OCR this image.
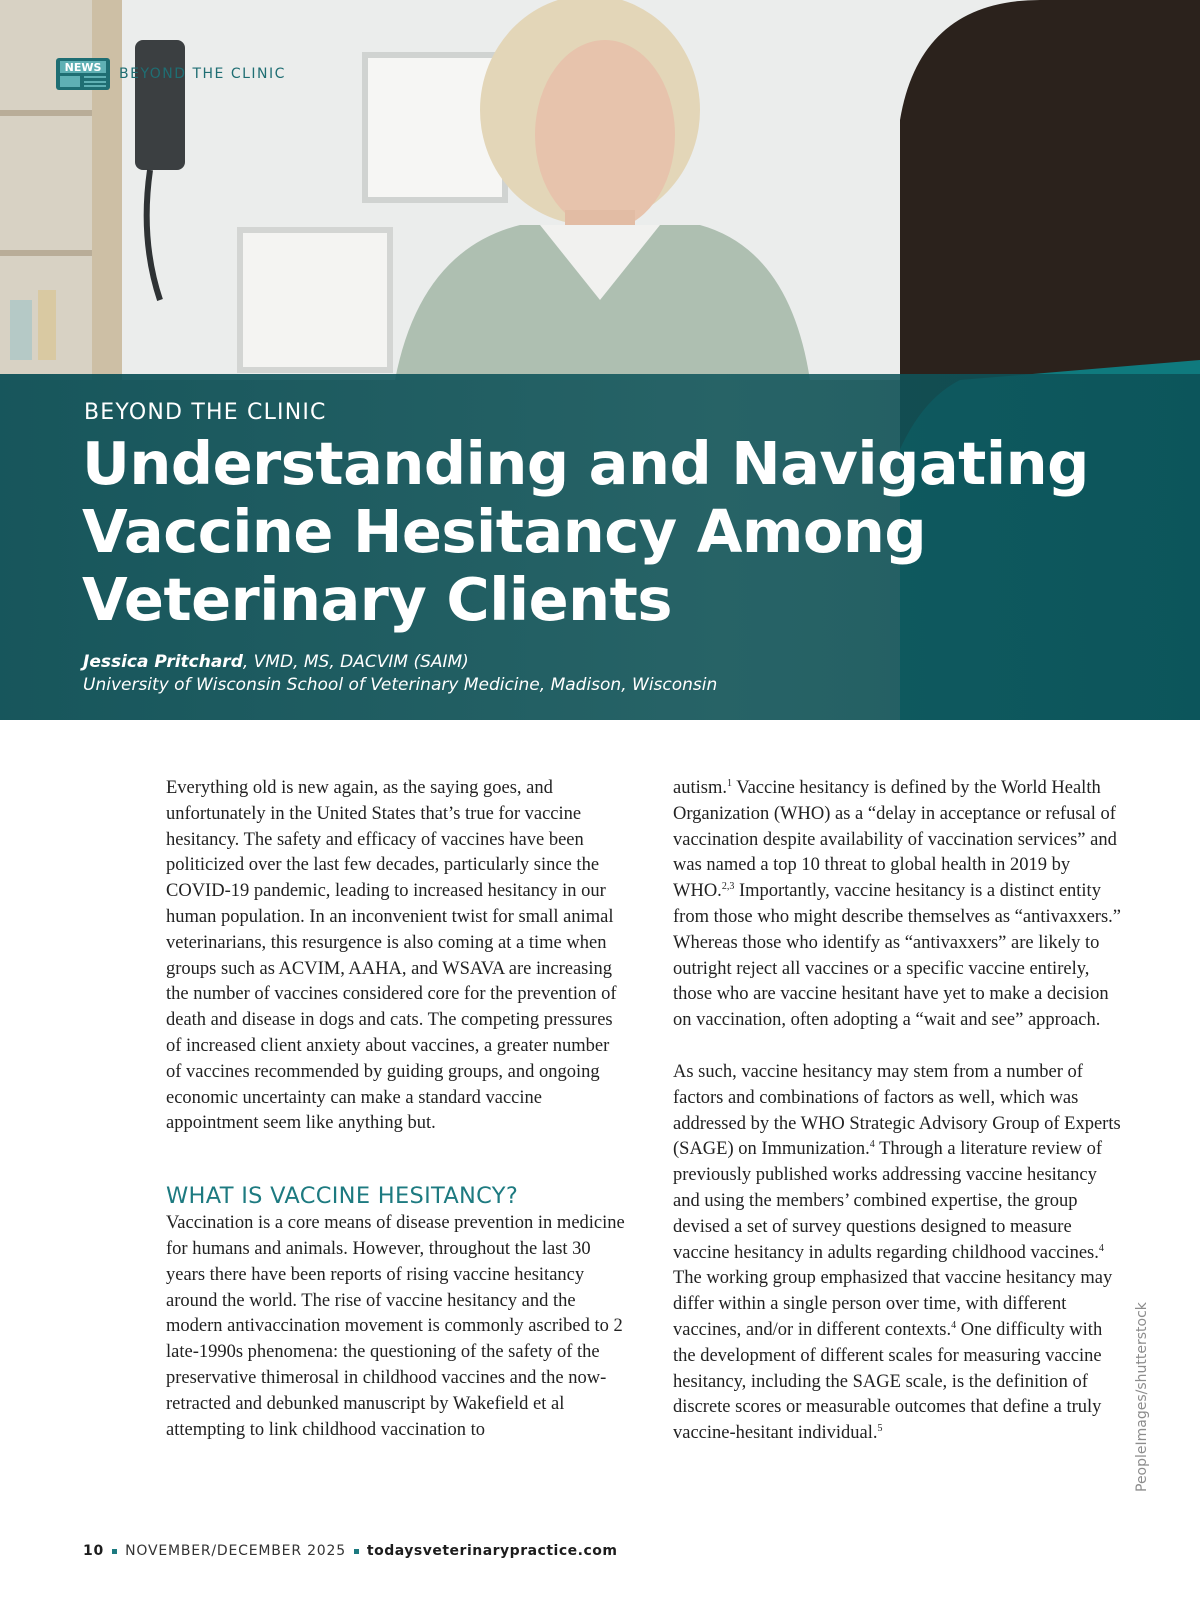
NEWS BEYOND THE CLINIC
BEYOND THE CLINIC
Understanding and Navigating Vaccine Hesitancy Among Veterinary Clients
Jessica Pritchard, VMD, MS, DACVIM (SAIM)
University of Wisconsin School of Veterinary Medicine, Madison, Wisconsin

Everything old is new again, as the saying goes, and unfortunately in the United States that’s true for vaccine hesitancy. The safety and efficacy of vaccines have been politicized over the last few decades, particularly since the COVID-19 pandemic, leading to increased hesitancy in our human population. In an inconvenient twist for small animal veterinarians, this resurgence is also coming at a time when groups such as ACVIM, AAHA, and WSAVA are increasing the number of vaccines considered core for the prevention of death and disease in dogs and cats. The competing pressures of increased client anxiety about vaccines, a greater number of vaccines recommended by guiding groups, and ongoing economic uncertainty can make a standard vaccine appointment seem like anything but.

WHAT IS VACCINE HESITANCY?

Vaccination is a core means of disease prevention in medicine for humans and animals. However, throughout the last 30 years there have been reports of rising vaccine hesitancy around the world. The rise of vaccine hesitancy and the modern antivaccination movement is commonly ascribed to 2 late-1990s phenomena: the questioning of the safety of the preservative thimerosal in childhood vaccines and the now-retracted and debunked manuscript by Wakefield et al attempting to link childhood vaccination to

autism.$^1$ Vaccine hesitancy is defined by the World Health Organization (WHO) as a “delay in acceptance or refusal of vaccination despite availability of vaccination services” and was named a top 10 threat to global health in 2019 by WHO.$^{2,3}$ Importantly, vaccine hesitancy is a distinct entity from those who might describe themselves as “antivaxxers.” Whereas those who identify as “antivaxxers” are likely to outright reject all vaccines or a specific vaccine entirely, those who are vaccine hesitant have yet to make a decision on vaccination, often adopting a “wait and see” approach.

As such, vaccine hesitancy may stem from a number of factors and combinations of factors as well, which was addressed by the WHO Strategic Advisory Group of Experts (SAGE) on Immunization.$^4$ Through a literature review of previously published works addressing vaccine hesitancy and using the members’ combined expertise, the group devised a set of survey questions designed to measure vaccine hesitancy in adults regarding childhood vaccines.$^4$ The working group emphasized that vaccine hesitancy may differ within a single person over time, with different vaccines, and/or in different contexts.$^4$ One difficulty with the development of different scales for measuring vaccine hesitancy, including the SAGE scale, is the definition of discrete scores or measurable outcomes that define a truly vaccine-hesitant individual.$^5$	PeopleImages/shutterstock
10 NOVEMBER/DECEMBER 2025 todaysveterinarypractice.com
